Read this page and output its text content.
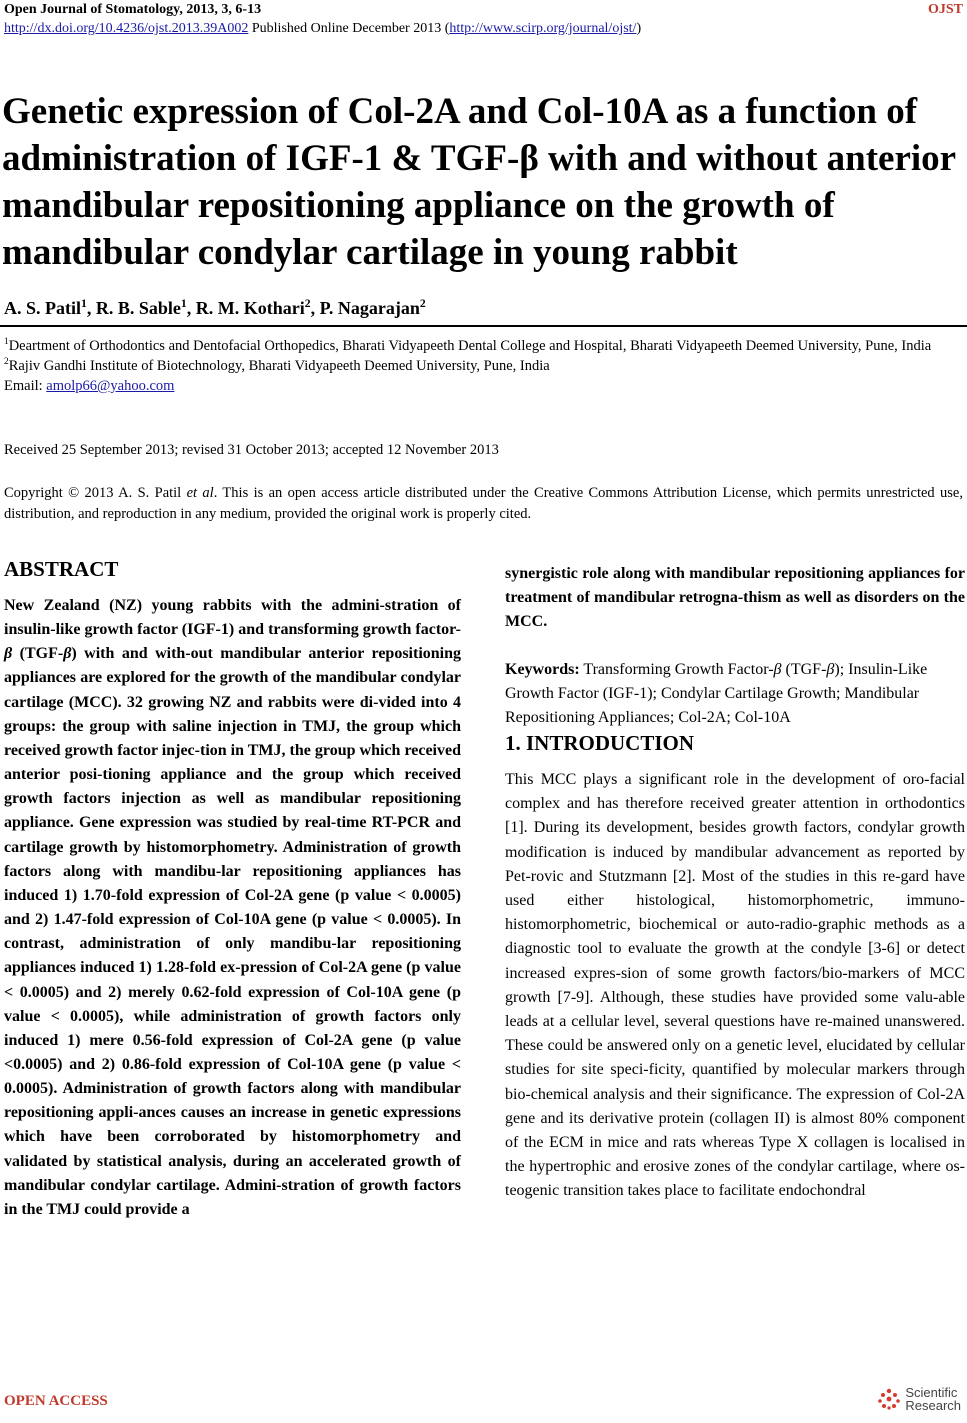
Open Journal of Stomatology, 2013, 3, 6-13	OJST
http://dx.doi.org/10.4236/ojst.2013.39A002 Published Online December 2013 (http://www.scirp.org/journal/ojst/)
Genetic expression of Col-2A and Col-10A as a function of administration of IGF-1 & TGF-β with and without anterior mandibular repositioning appliance on the growth of mandibular condylar cartilage in young rabbit
A. S. Patil$^1$, R. B. Sable$^1$, R. M. Kothari$^2$, P. Nagarajan$^2$

$^1$Deartment of Orthodontics and Dentofacial Orthopedics, Bharati Vidyapeeth Dental College and Hospital, Bharati Vidyapeeth Deemed University, Pune, India

$^2$Rajiv Gandhi Institute of Biotechnology, Bharati Vidyapeeth Deemed University, Pune, India

Email: amolp66@yahoo.com

Received 25 September 2013; revised 31 October 2013; accepted 12 November 2013
Copyright © 2013 A. S. Patil et al. This is an open access article distributed under the Creative Commons Attribution License, which permits unrestricted use, distribution, and reproduction in any medium, provided the original work is properly cited.
ABSTRACT

New Zealand (NZ) young rabbits with the admini-stration of insulin-like growth factor (IGF-1) and transforming growth factor-β (TGF-β) with and with-out mandibular anterior repositioning appliances are explored for the growth of the mandibular condylar cartilage (MCC). 32 growing NZ and rabbits were di-vided into 4 groups: the group with saline injection in TMJ, the group which received growth factor injec-tion in TMJ, the group which received anterior posi-tioning appliance and the group which received growth factors injection as well as mandibular repositioning appliance. Gene expression was studied by real-time RT-PCR and cartilage growth by histomorphometry. Administration of growth factors along with mandibu-lar repositioning appliances has induced 1) 1.70-fold expression of Col-2A gene (p value < 0.0005) and 2) 1.47-fold expression of Col-10A gene (p value < 0.0005). In contrast, administration of only mandibu-lar repositioning appliances induced 1) 1.28-fold ex-pression of Col-2A gene (p value < 0.0005) and 2) merely 0.62-fold expression of Col-10A gene (p value < 0.0005), while administration of growth factors only induced 1) mere 0.56-fold expression of Col-2A gene (p value <0.0005) and 2) 0.86-fold expression of Col-10A gene (p value < 0.0005). Administration of growth factors along with mandibular repositioning appli-ances causes an increase in genetic expressions which have been corroborated by histomorphometry and validated by statistical analysis, during an accelerated growth of mandibular condylar cartilage. Admini-stration of growth factors in the TMJ could provide a

synergistic role along with mandibular repositioning appliances for treatment of mandibular retrogna-thism as well as disorders on the MCC.

Keywords: Transforming Growth Factor-β (TGF-β); Insulin-Like Growth Factor (IGF-1); Condylar Cartilage Growth; Mandibular Repositioning Appliances; Col-2A; Col-10A

1. INTRODUCTION

This MCC plays a significant role in the development of oro-facial complex and has therefore received greater attention in orthodontics [1]. During its development, besides growth factors, condylar growth modification is induced by mandibular advancement as reported by Pet-rovic and Stutzmann [2]. Most of the studies in this re-gard have used either histological, histomorphometric, immuno-histomorphometric, biochemical or auto-radio-graphic methods as a diagnostic tool to evaluate the growth at the condyle [3-6] or detect increased expres-sion of some growth factors/bio-markers of MCC growth [7-9]. Although, these studies have provided some valu-able leads at a cellular level, several questions have re-mained unanswered. These could be answered only on a genetic level, elucidated by cellular studies for site speci-ficity, quantified by molecular markers through bio-chemical analysis and their significance. The expression of Col-2A gene and its derivative protein (collagen II) is almost 80% component of the ECM in mice and rats whereas Type X collagen is localised in the hypertrophic and erosive zones of the condylar cartilage, where os-teogenic transition takes place to facilitate endochondral

OPEN ACCESS
Scientific
Research
